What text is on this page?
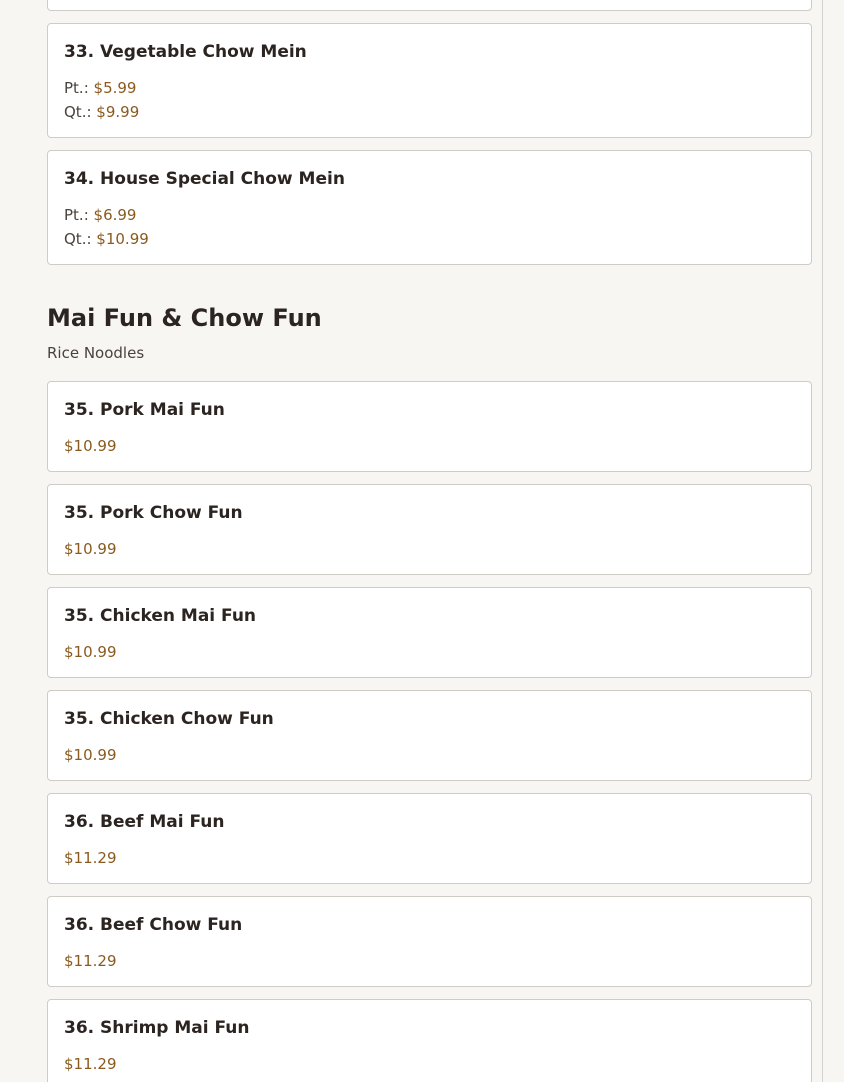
33. Vegetable Chow Mein
Pt.: $5.99
Qt.: $9.99
34. House Special Chow Mein
Pt.: $6.99
Qt.: $10.99
Mai Fun & Chow Fun
Rice Noodles
35. Pork Mai Fun
$10.99
35. Pork Chow Fun
$10.99
35. Chicken Mai Fun
$10.99
35. Chicken Chow Fun
$10.99
36. Beef Mai Fun
$11.29
36. Beef Chow Fun
$11.29
36. Shrimp Mai Fun
$11.29
